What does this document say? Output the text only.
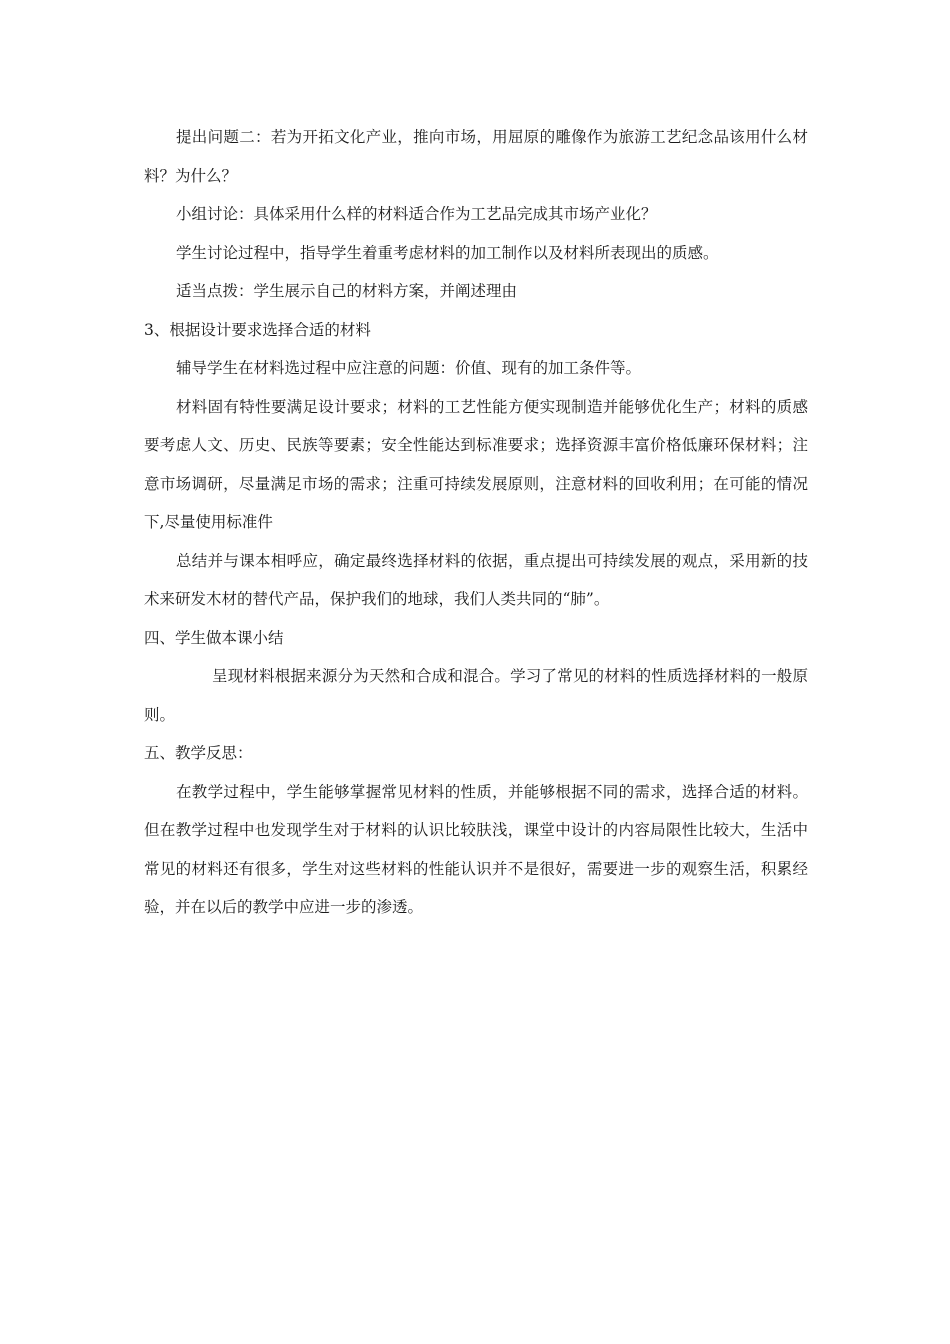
提出问题二：若为开拓文化产业，推向市场，用屈原的雕像作为旅游工艺纪念品该用什么材料？为什么？

小组讨论：具体采用什么样的材料适合作为工艺品完成其市场产业化？

学生讨论过程中，指导学生着重考虑材料的加工制作以及材料所表现出的质感。

适当点拨：学生展示自己的材料方案，并阐述理由

3、根据设计要求选择合适的材料

辅导学生在材料选过程中应注意的问题：价值、现有的加工条件等。

材料固有特性要满足设计要求；材料的工艺性能方便实现制造并能够优化生产；材料的质感要考虑人文、历史、民族等要素；安全性能达到标准要求；选择资源丰富价格低廉环保材料；注意市场调研，尽量满足市场的需求；注重可持续发展原则，注意材料的回收利用；在可能的情况下,尽量使用标准件

总结并与课本相呼应，确定最终选择材料的依据，重点提出可持续发展的观点，采用新的技术来研发木材的替代产品，保护我们的地球，我们人类共同的“肺”。

四、学生做本课小结

呈现材料根据来源分为天然和合成和混合。学习了常见的材料的性质选择材料的一般原则。

五、教学反思：

在教学过程中，学生能够掌握常见材料的性质，并能够根据不同的需求，选择合适的材料。但在教学过程中也发现学生对于材料的认识比较肤浅，课堂中设计的内容局限性比较大，生活中常见的材料还有很多，学生对这些材料的性能认识并不是很好，需要进一步的观察生活，积累经验，并在以后的教学中应进一步的渗透。
